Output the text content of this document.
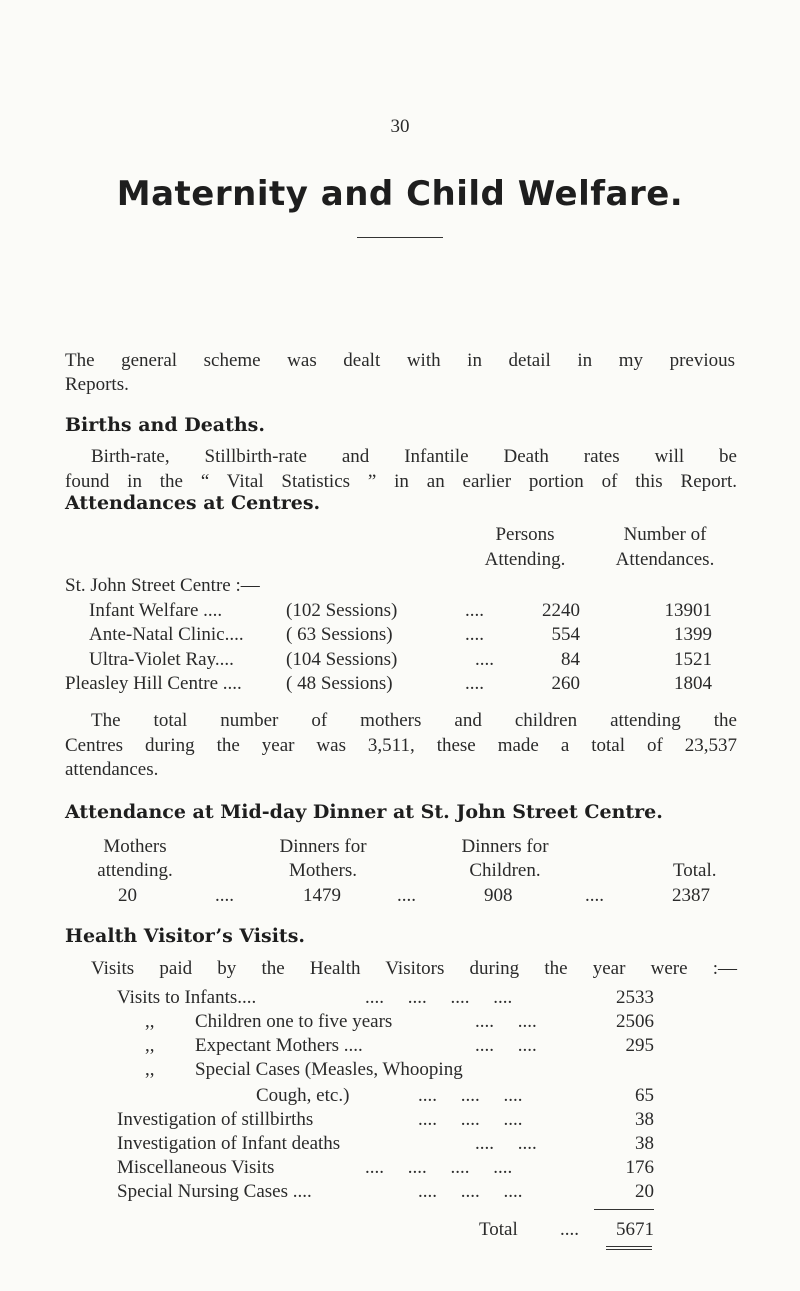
30
Maternity and Child Welfare.
The general scheme was dealt with in detail in my previous
Reports.
Births and Deaths.
Birth-rate, Stillbirth-rate and Infantile Death rates will be
found in the “ Vital Statistics ” in an earlier portion of this Report.
Attendances at Centres.
Persons
Attending.
Number of
Attendances.
St. John Street Centre :—
Infant Welfare ....	(102 Sessions)	....	2240	13901
Ante-Natal Clinic.... ( 63 Sessions)	....	554	1399
Ultra-Violet Ray....	(104 Sessions)	....	84	1521
Pleasley Hill Centre .... ( 48 Sessions)	....	260	1804
The total number of mothers and children attending the
Centres during the year was 3,511, these made a total of 23,537
attendances.
Attendance at Mid-day Dinner at St. John Street Centre.
Mothers
attending.
Dinners for
Mothers.
Dinners for
Children.	Total.
20	....	1479	....	908	....	2387
Health Visitor’s Visits.
Visits paid by the Health Visitors during the year were :—
Visits to Infants....	....     ....     ....     ....	2533
,, Children one to five years	....     ....	2506
,, Expectant Mothers ....	....     ....	295
,, Special Cases (Measles, Whooping
Cough, etc.)	....     ....     ....	65
Investigation of stillbirths	....     ....     ....	38
Investigation of Infant deaths	....     ....	38
Miscellaneous Visits	....     ....     ....     ....	176
Special Nursing Cases ....	....     ....     ....	20
Total ....	5671
